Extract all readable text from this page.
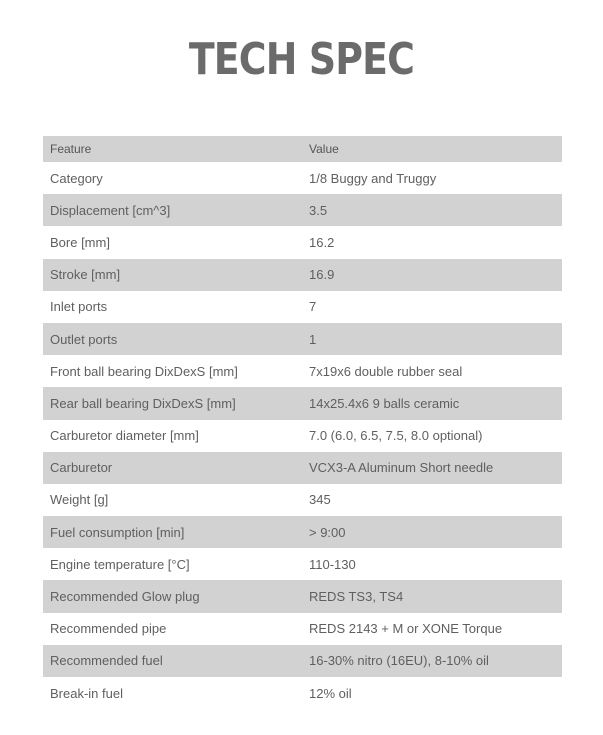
TECH SPEC
Feature	Value
Category	1/8 Buggy and Truggy
Displacement [cm^3]	3.5
Bore [mm]	16.2
Stroke [mm]	16.9
Inlet ports	7
Outlet ports	1
Front ball bearing DixDexS [mm]	7x19x6 double rubber seal
Rear ball bearing DixDexS [mm]	14x25.4x6 9 balls ceramic
Carburetor diameter [mm]	7.0 (6.0, 6.5, 7.5, 8.0 optional)
Carburetor	VCX3-A Aluminum Short needle
Weight [g]	345
Fuel consumption [min]	> 9:00
Engine temperature [°C]	110-130
Recommended Glow plug	REDS TS3, TS4
Recommended pipe	REDS 2143 + M or XONE Torque
Recommended fuel	16-30% nitro (16EU), 8-10% oil
Break-in fuel	12% oil
